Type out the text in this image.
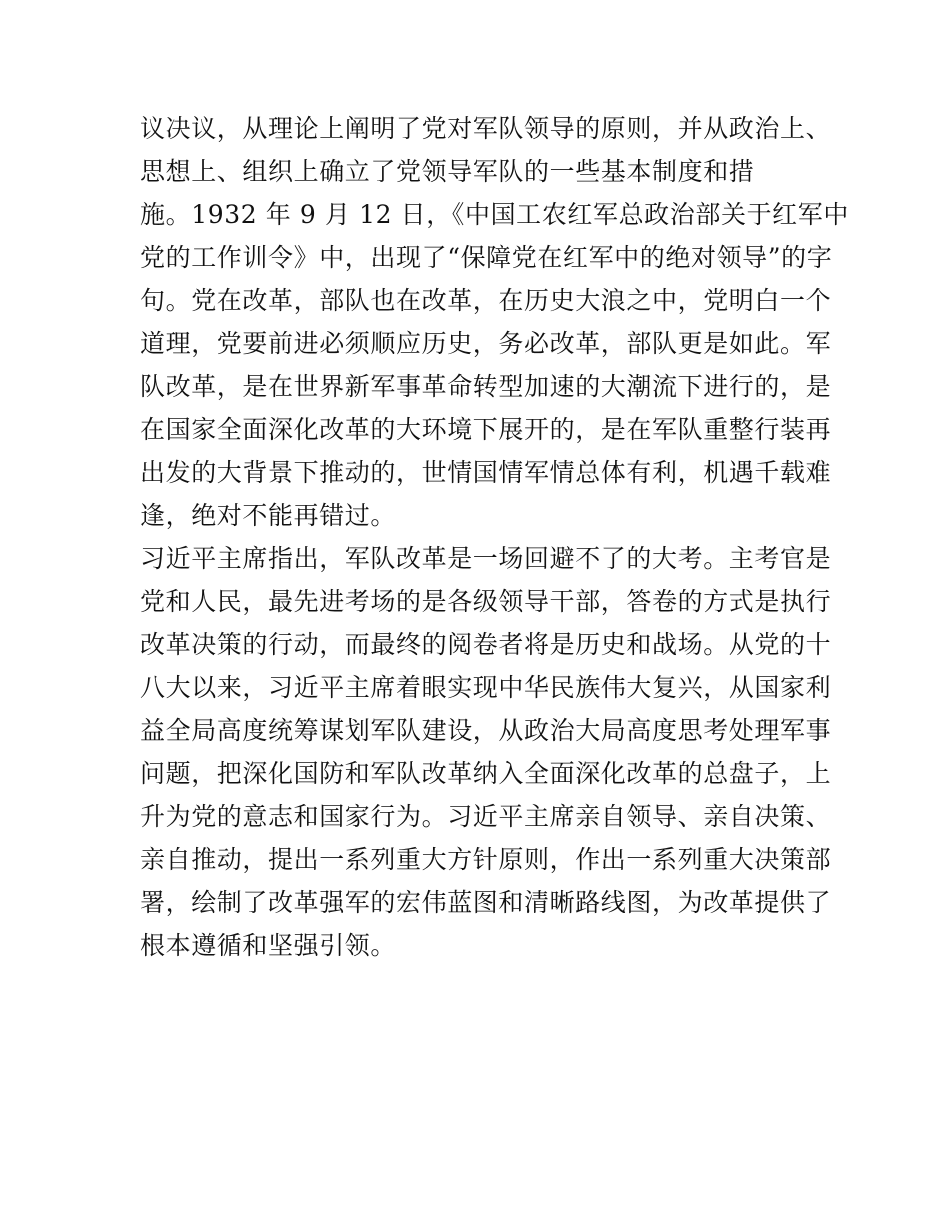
议决议，从理论上阐明了党对军队领导的原则，并从政治上、
思想上、组织上确立了党领导军队的一些基本制度和措
施。1932 年 9 月 12 日，《中国工农红军总政治部关于红军中
党的工作训令》中，出现了“保障党在红军中的绝对领导”的字
句。党在改革，部队也在改革，在历史大浪之中，党明白一个
道理，党要前进必须顺应历史，务必改革，部队更是如此。军
队改革，是在世界新军事革命转型加速的大潮流下进行的，是
在国家全面深化改革的大环境下展开的，是在军队重整行装再
出发的大背景下推动的，世情国情军情总体有利，机遇千载难
逢，绝对不能再错过。
习近平主席指出，军队改革是一场回避不了的大考。主考官是
党和人民，最先进考场的是各级领导干部，答卷的方式是执行
改革决策的行动，而最终的阅卷者将是历史和战场。从党的十
八大以来，习近平主席着眼实现中华民族伟大复兴，从国家利
益全局高度统筹谋划军队建设，从政治大局高度思考处理军事
问题，把深化国防和军队改革纳入全面深化改革的总盘子，上
升为党的意志和国家行为。习近平主席亲自领导、亲自决策、
亲自推动，提出一系列重大方针原则，作出一系列重大决策部
署，绘制了改革强军的宏伟蓝图和清晰路线图，为改革提供了
根本遵循和坚强引领。
